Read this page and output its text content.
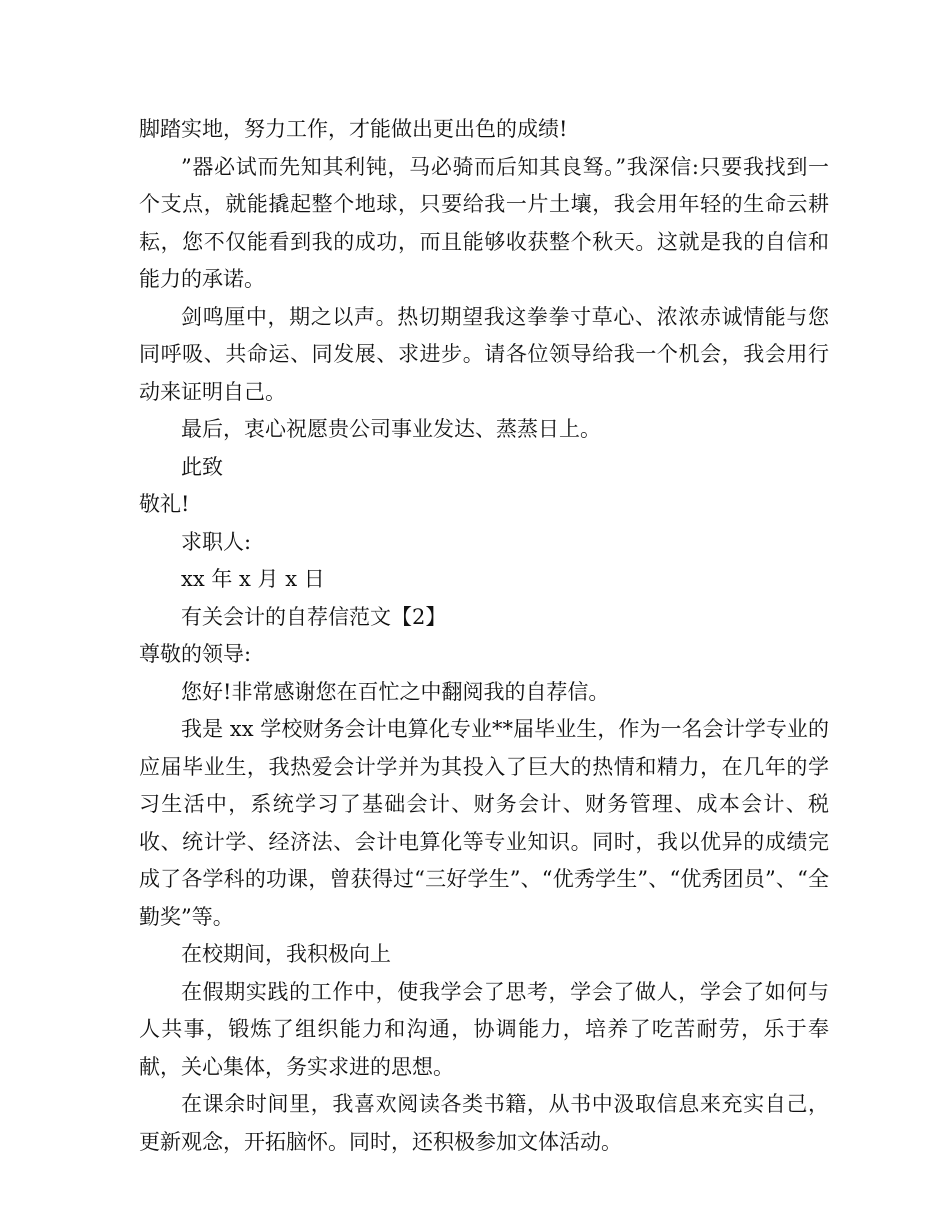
脚踏实地，努力工作，才能做出更出色的成绩!

”器必试而先知其利钝，马必骑而后知其良驽。”我深信:只要我找到一个支点，就能撬起整个地球，只要给我一片土壤，我会用年轻的生命云耕耘，您不仅能看到我的成功，而且能够收获整个秋天。这就是我的自信和能力的承诺。

剑鸣厘中，期之以声。热切期望我这拳拳寸草心、浓浓赤诚情能与您同呼吸、共命运、同发展、求进步。请各位领导给我一个机会，我会用行动来证明自己。

最后，衷心祝愿贵公司事业发达、蒸蒸日上。

此致

敬礼!

求职人:

xx 年 x 月 x 日

有关会计的自荐信范文【2】

尊敬的领导:

您好!非常感谢您在百忙之中翻阅我的自荐信。

我是 xx 学校财务会计电算化专业**届毕业生，作为一名会计学专业的应届毕业生，我热爱会计学并为其投入了巨大的热情和精力，在几年的学习生活中，系统学习了基础会计、财务会计、财务管理、成本会计、税收、统计学、经济法、会计电算化等专业知识。同时，我以优异的成绩完成了各学科的功课，曾获得过“三好学生”、“优秀学生”、“优秀团员”、“全勤奖”等。

在校期间，我积极向上

在假期实践的工作中，使我学会了思考，学会了做人，学会了如何与人共事，锻炼了组织能力和沟通，协调能力，培养了吃苦耐劳，乐于奉献，关心集体，务实求进的思想。

在课余时间里，我喜欢阅读各类书籍，从书中汲取信息来充实自己，更新观念，开拓脑怀。同时，还积极参加文体活动。
